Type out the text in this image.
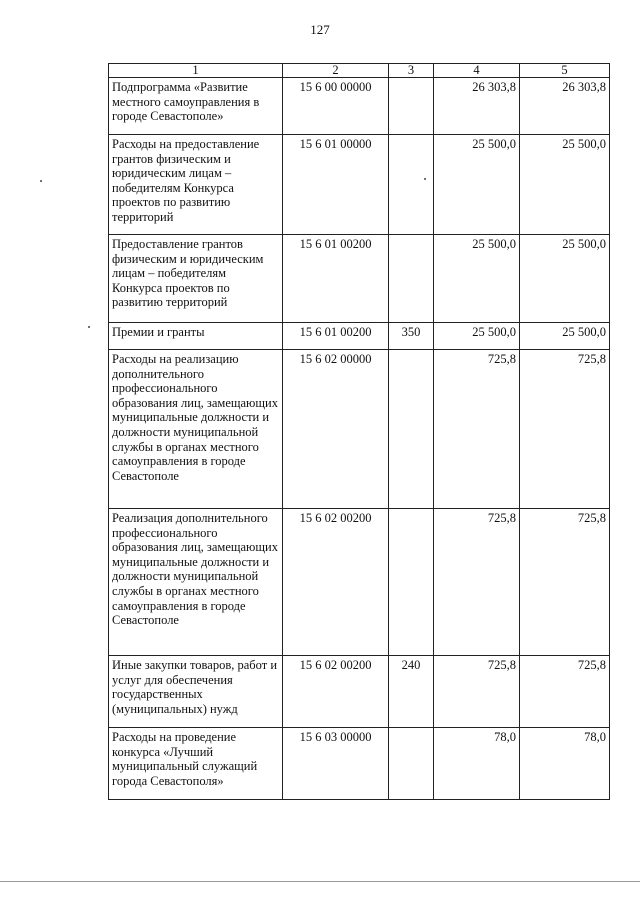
127
1	2	3	4	5
Подпрограмма «Развитие местного самоуправления в городе Севастополе»	15 6 00 00000		26 303,8	26 303,8
Расходы на предоставление грантов физическим и юридическим лицам – победителям Конкурса проектов по развитию территорий	15 6 01 00000		25 500,0	25 500,0
Предоставление грантов физическим и юридическим лицам – победителям Конкурса проектов по развитию территорий	15 6 01 00200		25 500,0	25 500,0
Премии и гранты	15 6 01 00200	350	25 500,0	25 500,0
Расходы на реализацию дополнительного профессионального образования лиц, замещающих муниципальные должности и должности муниципальной службы в органах местного самоуправления в городе Севастополе	15 6 02 00000		725,8	725,8
Реализация дополнительного профессионального образования лиц, замещающих муниципальные должности и должности муниципальной службы в органах местного самоуправления в городе Севастополе	15 6 02 00200		725,8	725,8
Иные закупки товаров, работ и услуг для обеспечения государственных (муниципальных) нужд	15 6 02 00200	240	725,8	725,8
Расходы на проведение конкурса «Лучший муниципальный служащий города Севастополя»	15 6 03 00000		78,0	78,0
